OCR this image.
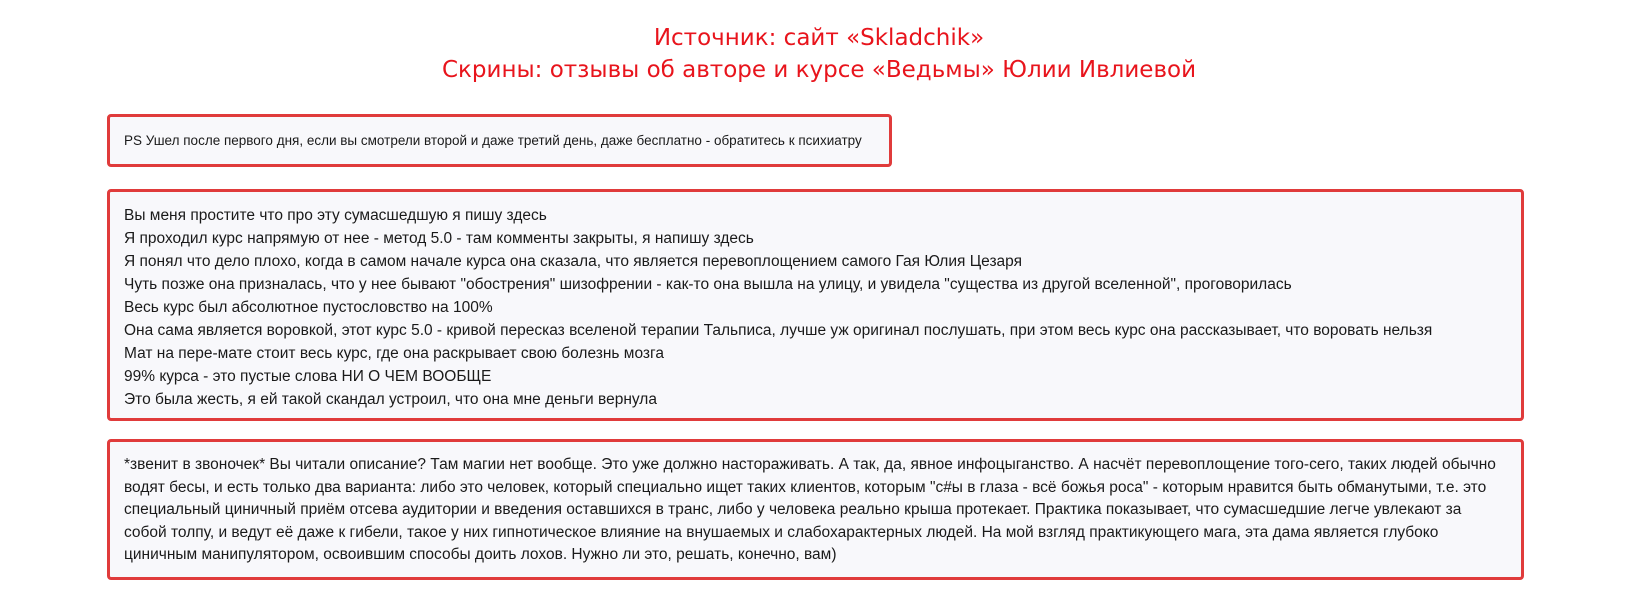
Источник: сайт «Skladchik»
Скрины: отзывы об авторе и курсе «Ведьмы» Юлии Ивлиевой
PS Ушел после первого дня, если вы смотрели второй и даже третий день, даже бесплатно - обратитесь к психиатру
Вы меня простите что про эту сумасшедшую я пишу здесь
Я проходил курс напрямую от нее - метод 5.0 - там комменты закрыты, я напишу здесь
Я понял что дело плохо, когда в самом начале курса она сказала, что является перевоплощением самого Гая Юлия Цезаря
Чуть позже она призналась, что у нее бывают "обострения" шизофрении - как-то она вышла на улицу, и увидела "существа из другой вселенной", проговорилась
Весь курс был абсолютное пустословство на 100%
Она сама является воровкой, этот курс 5.0 - кривой пересказ вселеной терапии Тальписа, лучше уж оригинал послушать, при этом весь курс она рассказывает, что воровать нельзя
Мат на пере-мате стоит весь курс, где она раскрывает свою болезнь мозга
99% курса - это пустые слова НИ О ЧЕМ ВООБЩЕ
Это была жесть, я ей такой скандал устроил, что она мне деньги вернула
*звенит в звоночек* Вы читали описание? Там магии нет вообще. Это уже должно настораживать. А так, да, явное инфоцыганство. А насчёт перевоплощение того-сего, таких людей обычно водят бесы, и есть только два варианта: либо это человек, который специально ищет таких клиентов, которым "с#ы в глаза - всё божья роса" - которым нравится быть обманутыми, т.е. это специальный циничный приём отсева аудитории и введения оставшихся в транс, либо у человека реально крыша протекает. Практика показывает, что сумасшедшие легче увлекают за собой толпу, и ведут её даже к гибели, такое у них гипнотическое влияние на внушаемых и слабохарактерных людей. На мой взгляд практикующего мага, эта дама является глубоко циничным манипулятором, освоившим способы доить лохов. Нужно ли это, решать, конечно, вам)
